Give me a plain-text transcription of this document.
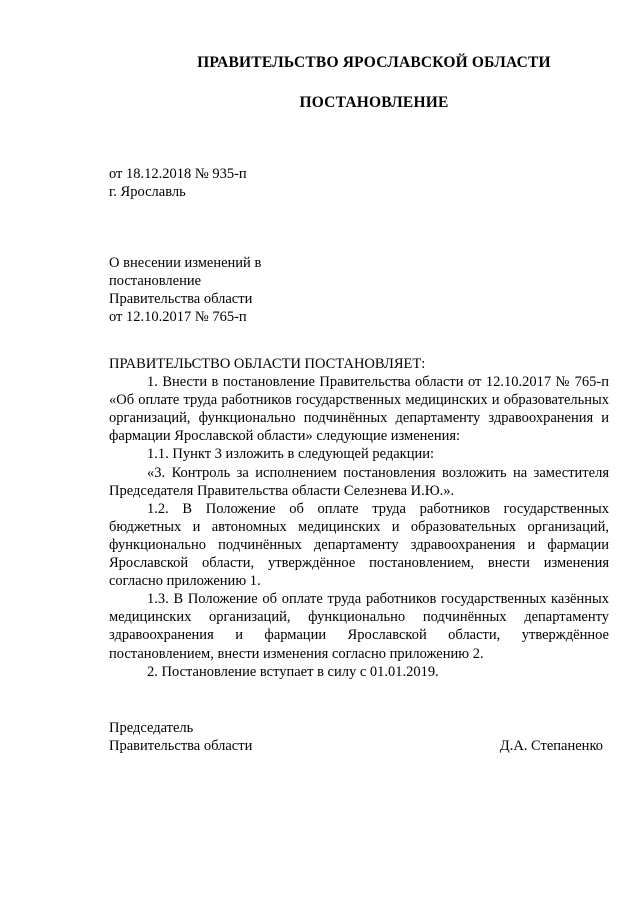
ПРАВИТЕЛЬСТВО ЯРОСЛАВСКОЙ ОБЛАСТИ
ПОСТАНОВЛЕНИЕ
от 18.12.2018 № 935-п
г. Ярославль
О внесении изменений в
постановление
Правительства области
от 12.10.2017 № 765-п

ПРАВИТЕЛЬСТВО ОБЛАСТИ ПОСТАНОВЛЯЕТ:

1. Внести в постановление Правительства области от 12.10.2017 № 765-п «Об оплате труда работников государственных медицинских и образовательных организаций, функционально подчинённых департаменту здравоохранения и фармации Ярославской области» следующие изменения:

1.1. Пункт 3 изложить в следующей редакции:

«3. Контроль за исполнением постановления возложить на заместителя Председателя Правительства области Селезнева И.Ю.».

1.2. В Положение об оплате труда работников государственных бюджетных и автономных медицинских и образовательных организаций, функционально подчинённых департаменту здравоохранения и фармации Ярославской области, утверждённое постановлением, внести изменения согласно приложению 1.

1.3. В Положение об оплате труда работников государственных казённых медицинских организаций, функционально подчинённых департаменту здравоохранения и фармации Ярославской области, утверждённое постановлением, внести изменения согласно приложению 2.

2. Постановление вступает в силу с 01.01.2019.

Председатель
Правительства области	Д.А. Степаненко
